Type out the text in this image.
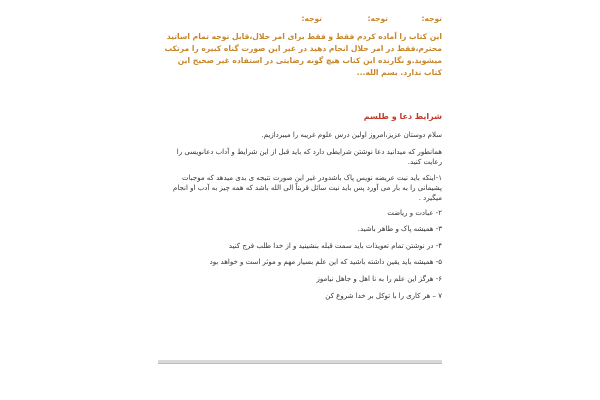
توجه:
توجه:
توجه:
این کتاب را آماده کردم فقط و فقط برای امر حلال،قابل توجه تمام اساتید محترم،فقط در امر حلال انجام دهید در غیر این صورت گناه کبیره را مرتکب میشوید.و نگارنده این کتاب هیچ گونه رضایتی در استفاده غیر صحیح این کتاب ندارد. بسم الله...
شرایط دعا و طلسم
سلام دوستان عزیز،امروز اولین درس علوم غریبه را میبردازیم.
همانطور که میدانید دعا نوشتن شرایطی دارد که باید قبل از این شرایط و آداب دعانویسی را رعایت کنید.
۱-اینکه باید نیت عریضه نویس پاک باشدودر غیر این صورت نتیجه ی بدی میدهد که موجبات پشیمانی را به بار می آورد پس باید نیت سائل قربتاً الی الله باشد که همه چیز به آدب او انجام میگیرد .
۲- عبادت و ریاضت
۳- همیشه پاک و طاهر باشید.
۴- در نوشتن تمام تعویذات باید سمت قبله بنشینید و از خدا طلب فرج کنید
۵- همیشه باید یقین داشته باشید که این علم بسیار مهم و موثر است و خواهد بود
۶- هرگز این علم را به نا اهل و جاهل نیاموز
۷ – هر کاری را با توکل بر خدا شروع کن
